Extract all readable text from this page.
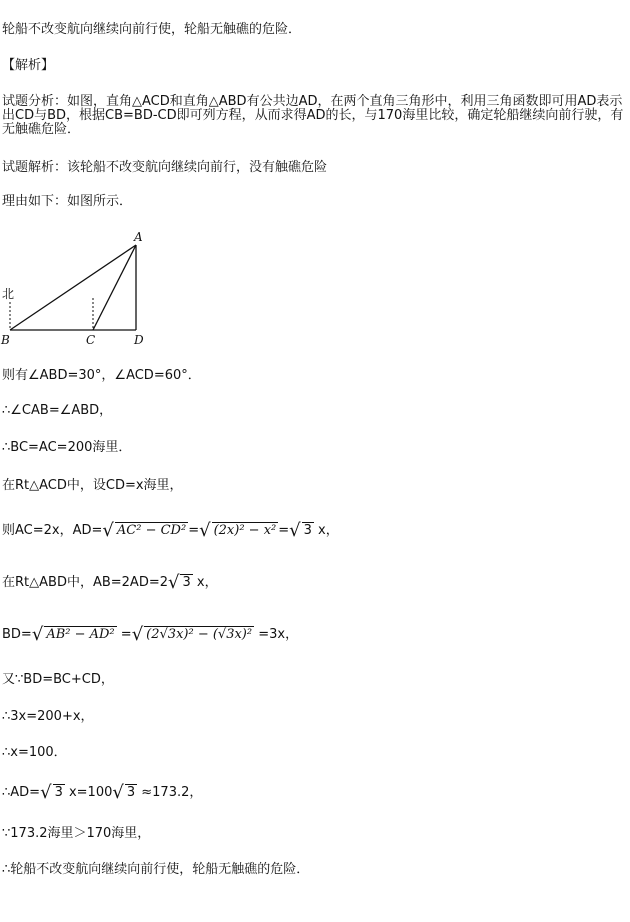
轮船不改变航向继续向前行使，轮船无触礁的危险．
【解析】
试题分析：如图，直角△ACD和直角△ABD有公共边AD，在两个直角三角形中，利用三角函数即可用AD表示出CD与BD，根据CB=BD-CD即可列方程，从而求得AD的长，与170海里比较，确定轮船继续向前行驶，有无触礁危险．
试题解析：该轮船不改变航向继续向前行，没有触礁危险
理由如下：如图所示．
A
B	C	D
北
则有∠ABD=30°，∠ACD=60°．
∴∠CAB=∠ABD，
∴BC=AC=200海里．
在Rt△ACD中，设CD=x海里，
则AC=2x，AD=√ AC² − CD² =√ (2x)² − x² =√ 3 x，
在Rt△ABD中，AB=2AD=2√ 3 x，
BD=√ AB² − AD² =√ (2√3x)² − (√3x)² =3x，
又∵BD=BC+CD，
∴3x=200+x，
∴x=100．
∴AD=√ 3 x=100√ 3 ≈173.2，
∵173.2海里＞170海里，
∴轮船不改变航向继续向前行使，轮船无触礁的危险．
